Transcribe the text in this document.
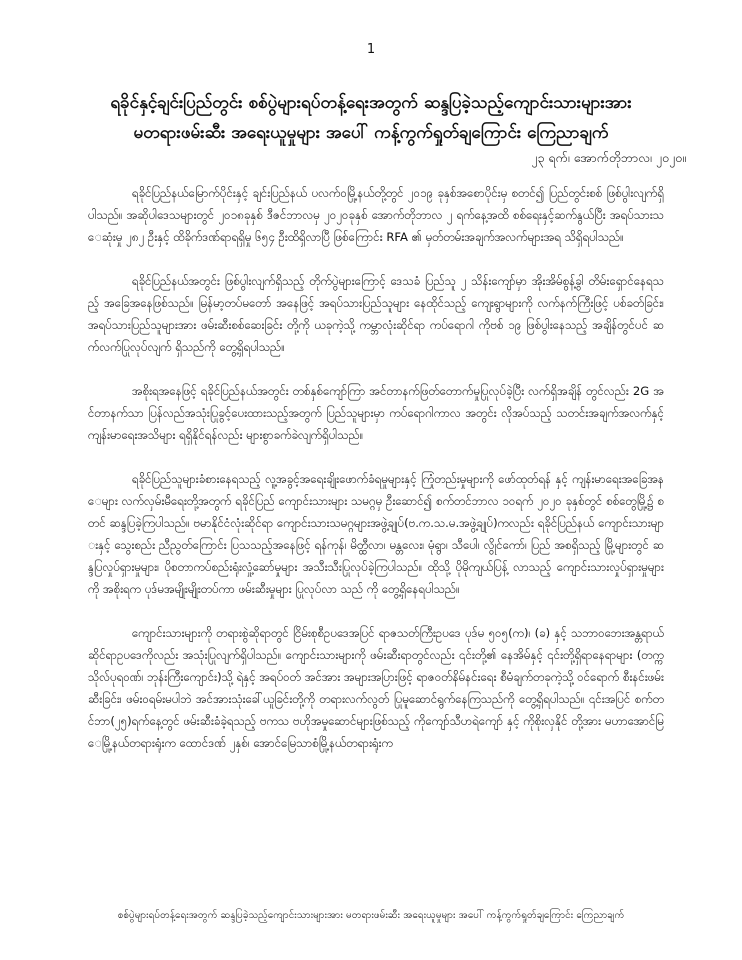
1
ရခိုင်နှင့်ချင်းပြည်တွင်း စစ်ပွဲများရပ်တန့်ရေးအတွက် ဆန္ဒပြခဲ့သည့်ကျောင်းသားများအား
မတရားဖမ်းဆီး အရေးယူမှုများ အပေါ် ကန့်ကွက်ရှုတ်ချကြောင်း ကြေညာချက်
၂၃ ရက်၊ အောက်တိုဘာလ၊ ၂၀၂၀။

ရခိုင်ပြည်နယ်မြောက်ပိုင်းနှင့် ချင်းပြည်နယ် ပလက်ဝမြို့နယ်တို့တွင် ၂၀၁၉ ခုနှစ်အစောပိုင်းမှ စတင်၍ ပြည်တွင်းစစ် ဖြစ်ပွါးလျက်ရှိပါသည်။ အဆိုပါဒေသများတွင် ၂၀၁၈ခုနှစ် ဒီဇင်ဘာလမှ ၂၀၂၀ခုနှစ် အောက်တိုဘာလ ၂ ရက်နေ့အထိ စစ်ရေးနှင့်ဆက်နွယ်ပြီး အရပ်သားသေဆုံးမှု ၂၈၂ ဦးနှင့် ထိခိုက်ဒဏ်ရာရရှိမှု ၆၅၄ ဦးထိရှိလာပြီ ဖြစ်ကြောင်း RFA ၏ မှတ်တမ်းအချက်အလက်များအရ သိရှိရပါသည်။

ရခိုင်ပြည်နယ်အတွင်း ဖြစ်ပွါးလျက်ရှိသည့် တိုက်ပွဲများကြောင့် ဒေသခံ ပြည်သူ ၂ သိန်းကျော်မှာ အိုးအိမ်စွန့်ခွါ တိမ်းရှောင်နေရသည့် အခြေအနေဖြစ်သည်။ မြန်မာ့တပ်မတော် အနေဖြင့် အရပ်သားပြည်သူများ နေထိုင်သည့် ကျေးရွာများကို လက်နက်ကြီးဖြင့် ပစ်ခတ်ခြင်း၊ အရပ်သားပြည်သူများအား ဖမ်းဆီးစစ်ဆေးခြင်း တို့ကို ယခုကဲ့သို့ ကမ္ဘာလုံးဆိုင်ရာ ကပ်ရောဂါ ကိုဗစ် ၁၉ ဖြစ်ပွါးနေသည့် အချိန်တွင်ပင် ဆက်လက်ပြုလုပ်လျက် ရှိသည်ကို တွေ့ရှိရပါသည်။

အစိုးရအနေဖြင့် ရခိုင်ပြည်နယ်အတွင်း တစ်နှစ်ကျော်ကြာ အင်တာနက်ဖြတ်တောက်မှုပြုလုပ်ခဲ့ပြီး လက်ရှိအချိန် တွင်လည်း 2G အင်တာနက်သာ ပြန်လည်အသုံးပြုခွင့်ပေးထားသည့်အတွက် ပြည်သူများမှာ ကပ်ရောဂါကာလ အတွင်း လိုအပ်သည့် သတင်းအချက်အလက်နှင့် ကျန်းမာရေးအသိများ ရရှိနိုင်ရန်လည်း များစွာခက်ခဲလျက်ရှိပါသည်။

ရခိုင်ပြည်သူများခံစားနေရသည့် လူ့အခွင့်အရေးချိုးဖောက်ခံရမှုများနှင့် ကြုံတည်းမှုများကို ဖော်ထုတ်ရန် နှင့် ကျန်းမာရေးအခြေအနေများ လက်လှမ်းမီရေးတို့အတွက် ရခိုင်ပြည် ကျောင်းသားများ သမဂ္ဂမှ ဦးဆောင်၍ စက်တင်ဘာလ ၁၀ရက် ၂၀၂၀ ခုနှစ်တွင် စစ်တွေမြို့၌ စတင် ဆန္ဒပြခဲ့ကြပါသည်။ ဗမာနိုင်ငံလုံးဆိုင်ရာ ကျောင်းသားသမဂ္ဂများအဖွဲ့ချုပ်(ဗ.က.သ.မ.အဖွဲ့ချုပ်)ကလည်း ရခိုင်ပြည်နယ် ကျောင်းသားများနှင့် သွေးစည်း ညီညွတ်ကြောင်း ပြသသည့်အနေဖြင့် ရန်ကုန်၊ မိတ္ထီလာ၊ မန္တလေး၊ မုံရွာ၊ သီပေါ၊ လွိုင်ကော်၊ ပြည် အစရှိသည့် မြို့များတွင် ဆန္ဒပြလှုပ်ရှားမှုများ၊ ပိုစတာကပ်စည်းရုံးလှုံ့ဆော်မှုများ အသီးသီးပြုလုပ်ခဲ့ကြပါသည်။ ထိုသို့ ပိုမိုကျယ်ပြန့် လာသည့် ကျောင်းသားလှုပ်ရှားမှုများကို အစိုးရက ပုဒ်မအမျိုးမျိုးတပ်ကာ ဖမ်းဆီးမှုများ ပြုလုပ်လာ သည် ကို တွေ့ရှိနေရပါသည်။

ကျောင်းသားများကို တရားစွဲဆိုရာတွင် ငြိမ်းစုစီဥပဒေအပြင် ရာဇသတ်ကြီးဥပဒေ ပုဒ်မ ၅၀၅(က)၊ (ခ) နှင့် သဘာဝဘေးအန္တရာယ်ဆိုင်ရာဥပဒေကိုလည်း အသုံးပြုလျက်ရှိပါသည်။ ကျောင်းသားများကို ဖမ်းဆီးရာတွင်လည်း ၎င်းတို့၏ နေအိမ်နှင့် ၎င်းတို့ရှိရာနေရာများ (တက္ကသိုလ်ပုရဝဏ်၊ ဘုန်းကြီးကျောင်း)သို့ ရဲနှင့် အရပ်ဝတ် အင်အား အများအပြားဖြင့် ရာဇဝတ်နိမ်နင်းရေး စီမံချက်တခုကဲ့သို့ ဝင်ရောက် စီးနင်းဖမ်းဆီးခြင်း၊ ဖမ်းဝရမ်းမပါဘဲ အင်အားသုံးခေါ်ယူခြင်းတို့ကို တရားလက်လွတ် ပြုမူဆောင်ရွက်နေကြသည်ကို တွေ့ရှိရပါသည်။ ၎င်းအပြင် စက်တင်ဘာ(၂၅)ရက်နေ့တွင် ဖမ်းဆီးခံခဲ့ရသည့် ဗကသ ဗဟိုအမှုဆောင်များဖြစ်သည့် ကိုကျော်သီဟရဲကျော် နှင့် ကိုစိုးလှနိုင် တို့အား မဟာအောင်မြေမြို့နယ်တရားရုံးက ထောင်ဒဏ် ၂နှစ်၊ အောင်မြေသာစံမြို့နယ်တရားရုံးက

စစ်ပွဲများရပ်တန့်ရေးအတွက် ဆန္ဒပြခဲ့သည့်ကျောင်းသားများအား မတရားဖမ်းဆီး အရေးယူမှုများ အပေါ် ကန့်ကွက်ရှုတ်ချကြောင်း ကြေညာချက်
